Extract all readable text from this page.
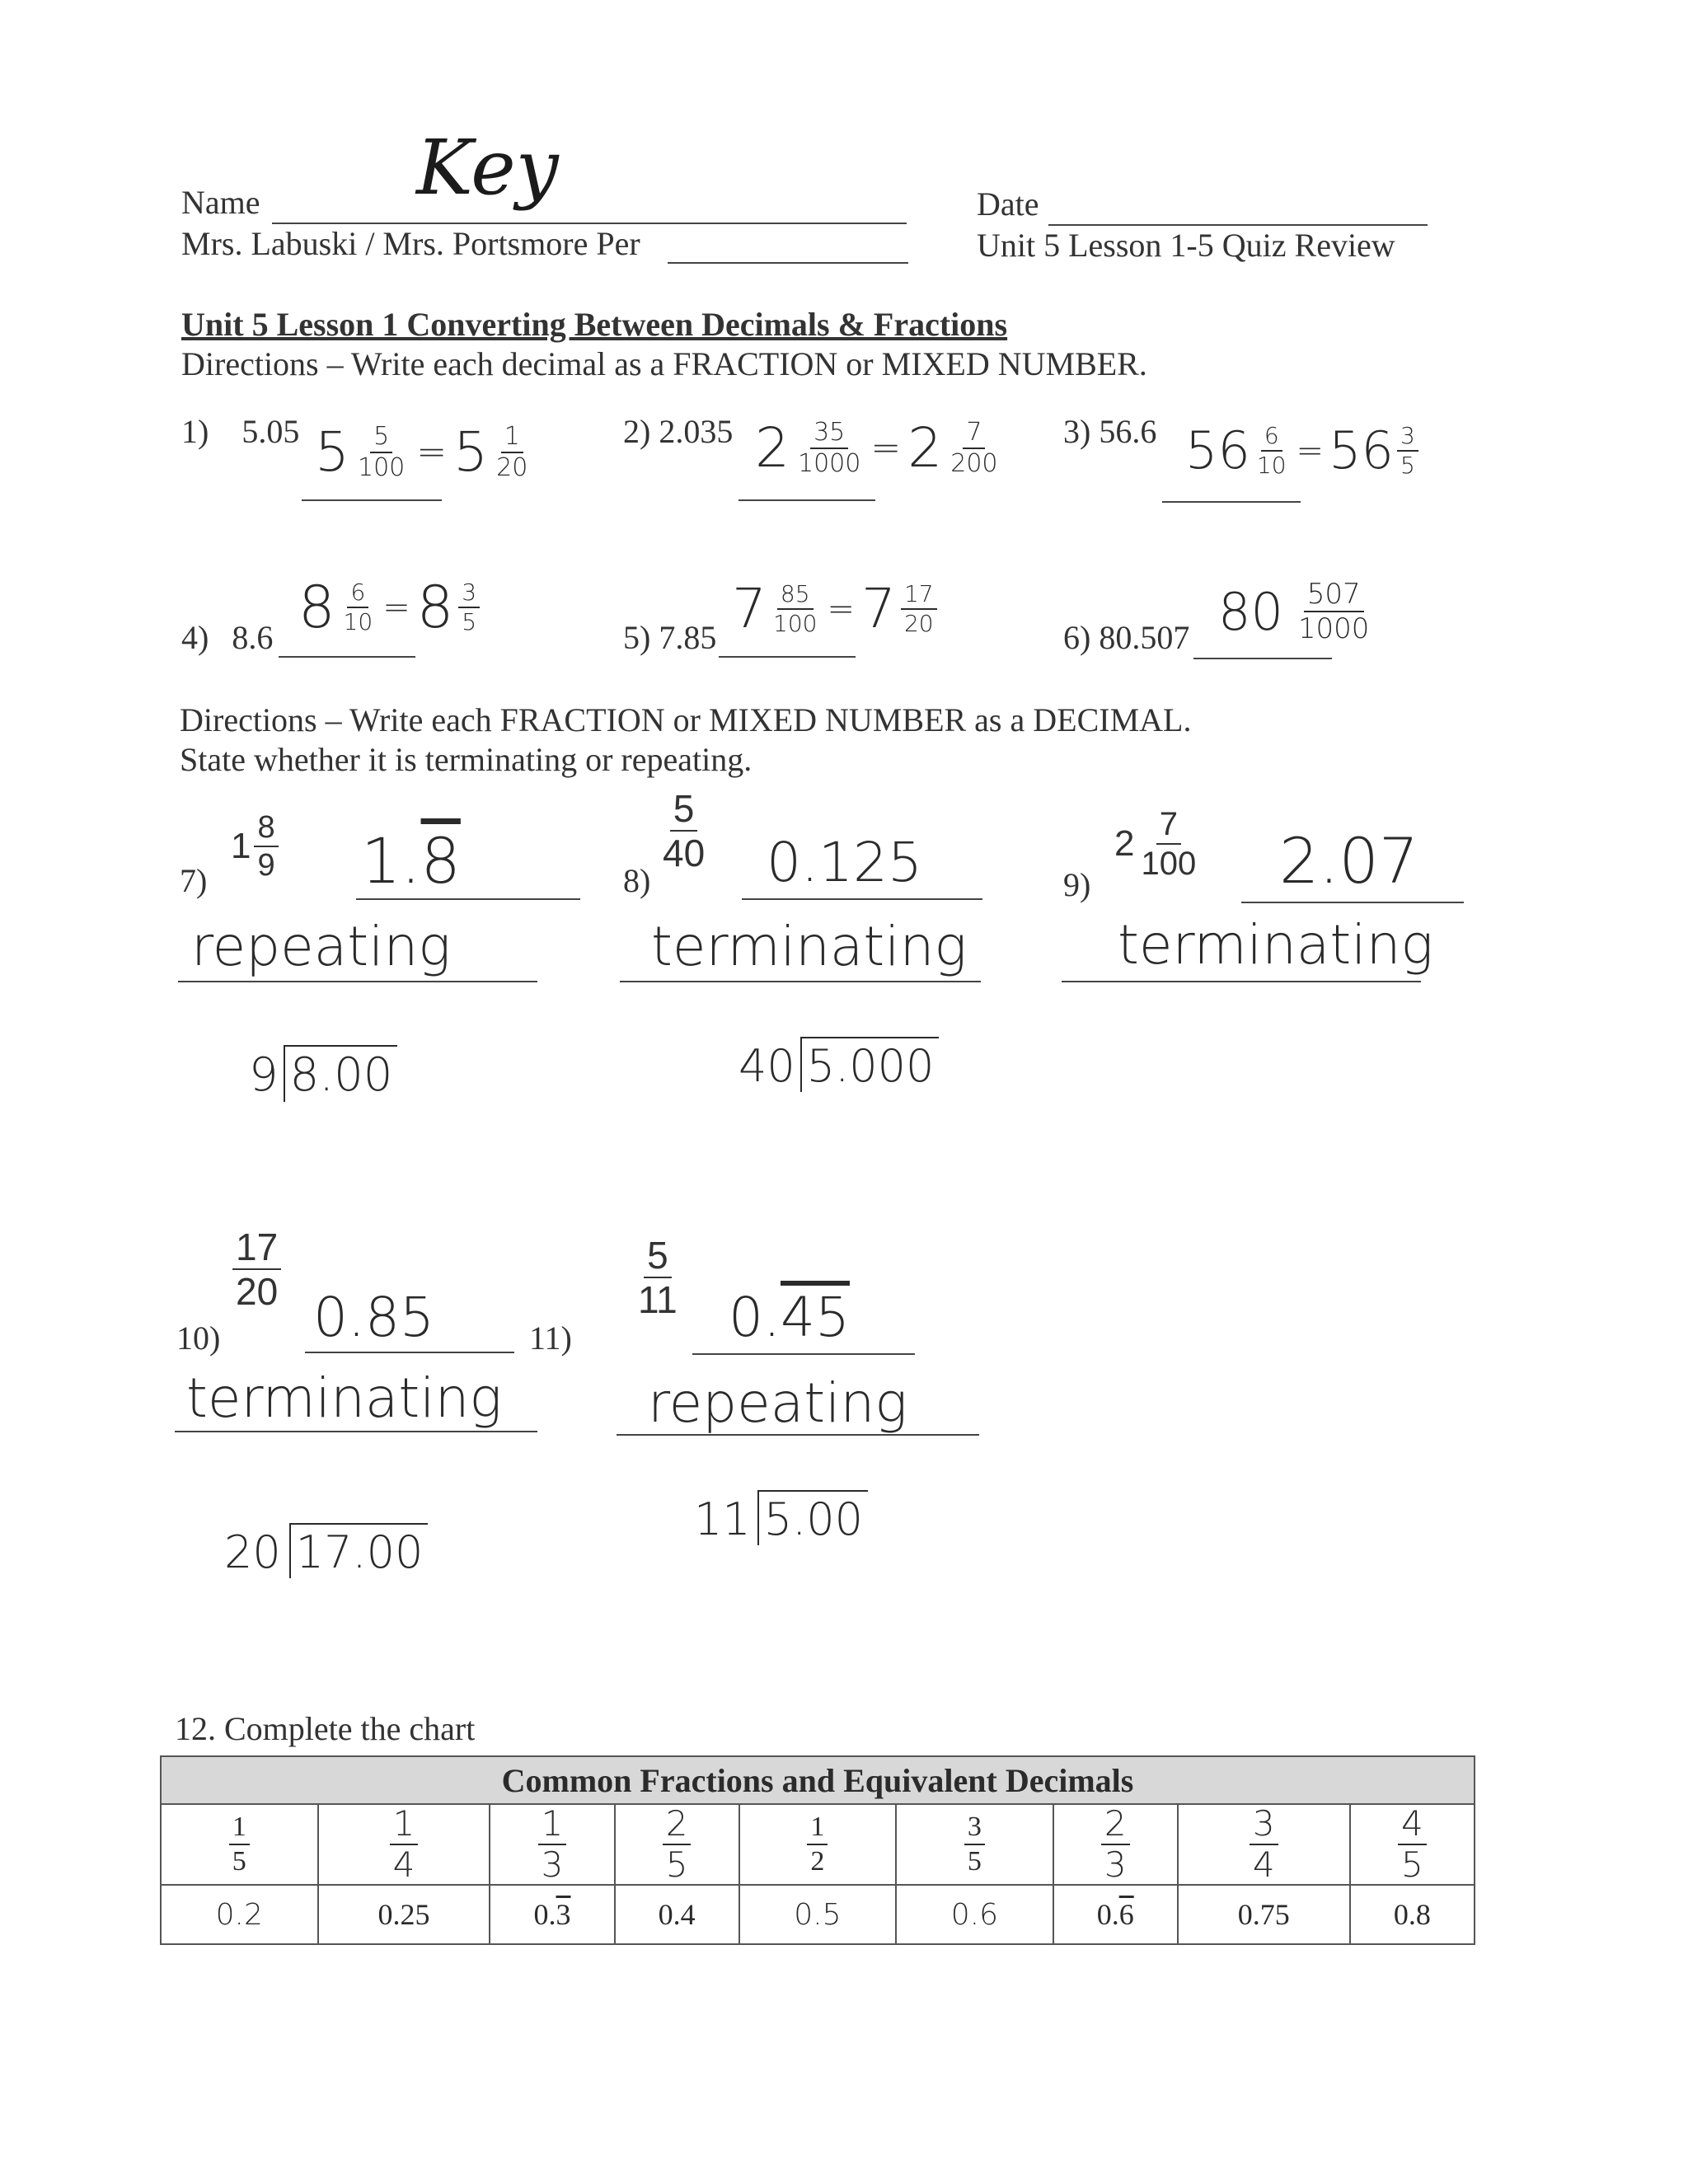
Name Key
Mrs. Labuski / Mrs. Portsmore Per
Date
Unit 5 Lesson 1-5 Quiz Review
Unit 5 Lesson 1 Converting Between Decimals & Fractions
Directions – Write each decimal as a FRACTION or MIXED NUMBER.
1) 5.05 $5 \frac{5}{100} = 5 \frac{1}{20}$	2) 2.035 $2 \frac{35}{1000} = 2 \frac{7}{200} 3$) 56.6 $56 \frac{6}{10} = 56 \frac{3}{5}$
4) 8.6 $8 \frac{6}{10} = 8 \frac{3}{5}$
5) 7.85 $7 \frac{85}{100} = 7 \frac{17}{20}$
6) 80.507 $80 \frac{507}{1000}$
Directions – Write each FRACTION or MIXED NUMBER as a DECIMAL.
State whether it is terminating or repeating.
7)
$1 \frac{8}{9} 1.8$
repeating
9 8.00
8)
$\frac{5}{40} 0.125$
terminating
40 5.000
9)
$2 \frac{7}{100} 2.07$
terminating
10)
$\frac{17}{20}$
0.85
terminating
20 17.00
11)
$\frac{5}{11} 0.45$
repeating
11 5.00
12. Complete the chart
Common Fractions and Equivalent Decimals								

$\frac{1}{5}$	$\frac{1}{4}$	$\frac{1}{3}$	$\frac{2}{5}$	$\frac{1}{2}$	$\frac{3}{5}$	$\frac{2}{3}$	$\frac{3}{4}$	$\frac{4}{5}$

0.2	0.25	0.3	0.4	0.5	0.6	0.6	0.75	0.8
